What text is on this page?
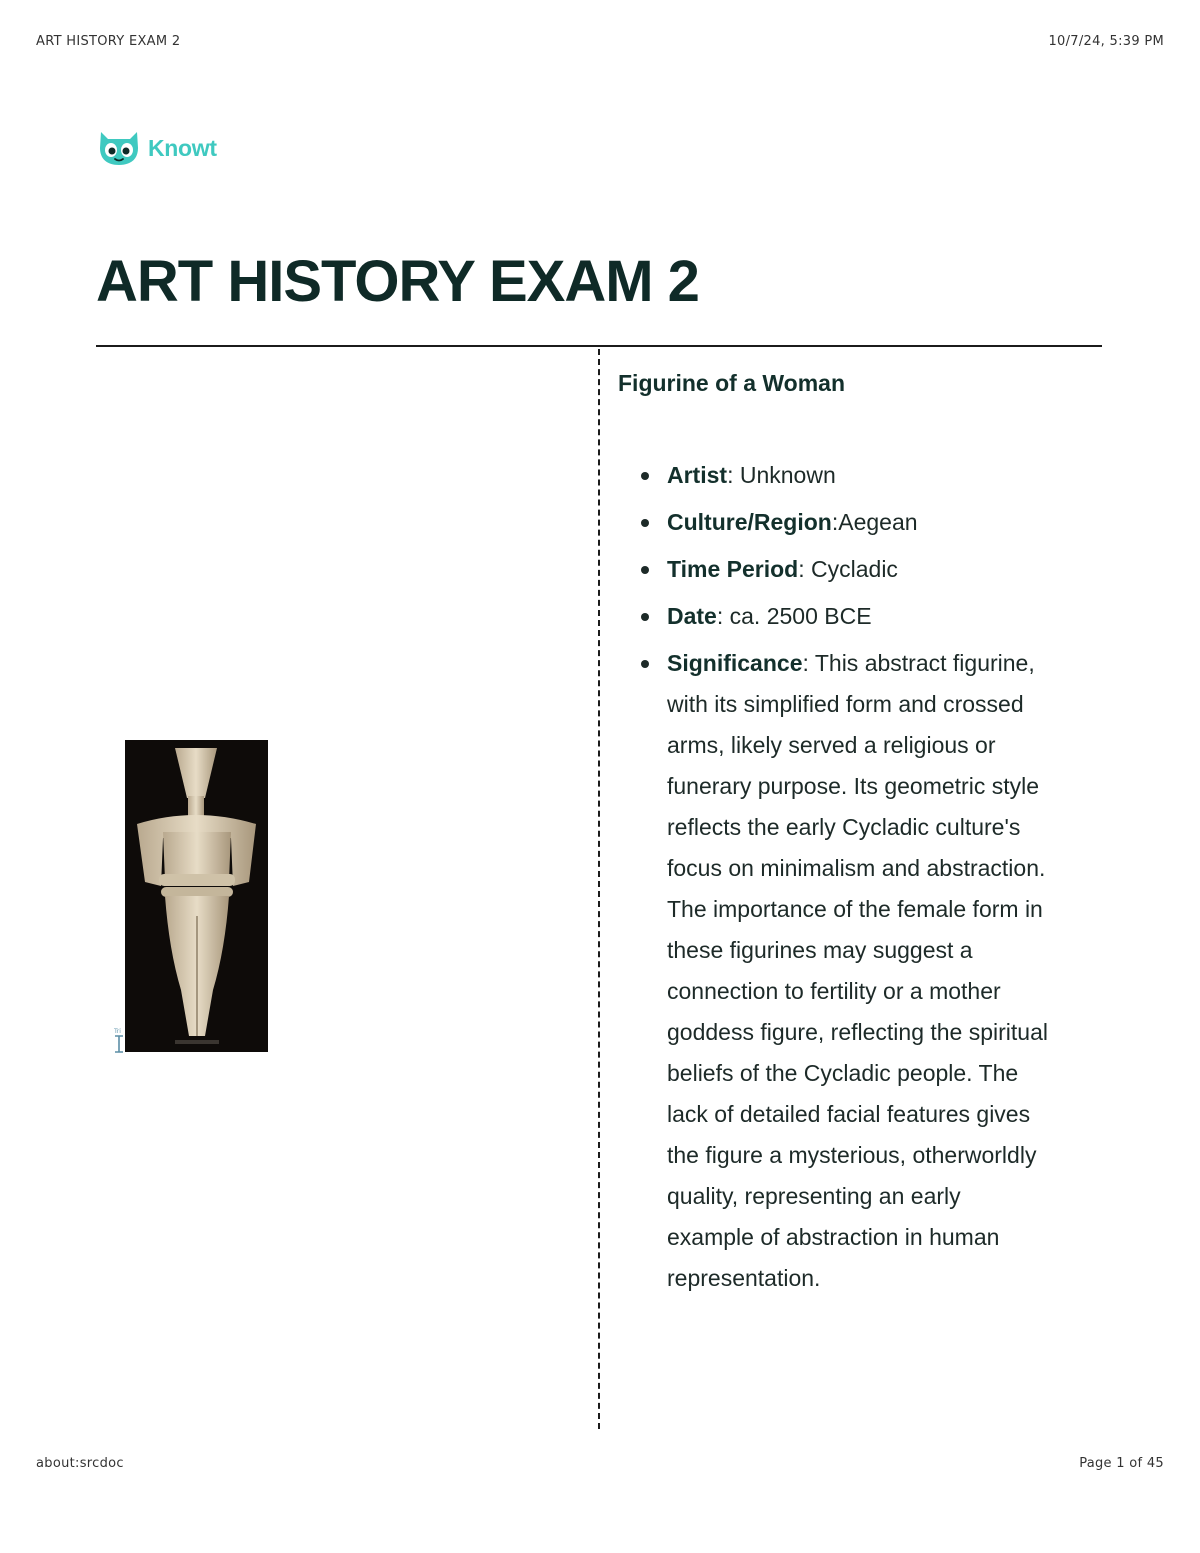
ART HISTORY EXAM 2	10/7/24, 5:39 PM
Knowt
ART HISTORY EXAM 2
Tri
Figurine of a Woman
Artist: Unknown
Culture/Region:Aegean
Time Period: Cycladic
Date: ca. 2500 BCE
Significance: This abstract figurine, with its simplified form and crossed arms, likely served a religious or funerary purpose. Its geometric style reflects the early Cycladic culture's focus on minimalism and abstraction. The importance of the female form in these figurines may suggest a connection to fertility or a mother goddess figure, reflecting the spiritual beliefs of the Cycladic people. The lack of detailed facial features gives the figure a mysterious, otherworldly quality, representing an early example of abstraction in human representation.
about:srcdoc	Page 1 of 45
